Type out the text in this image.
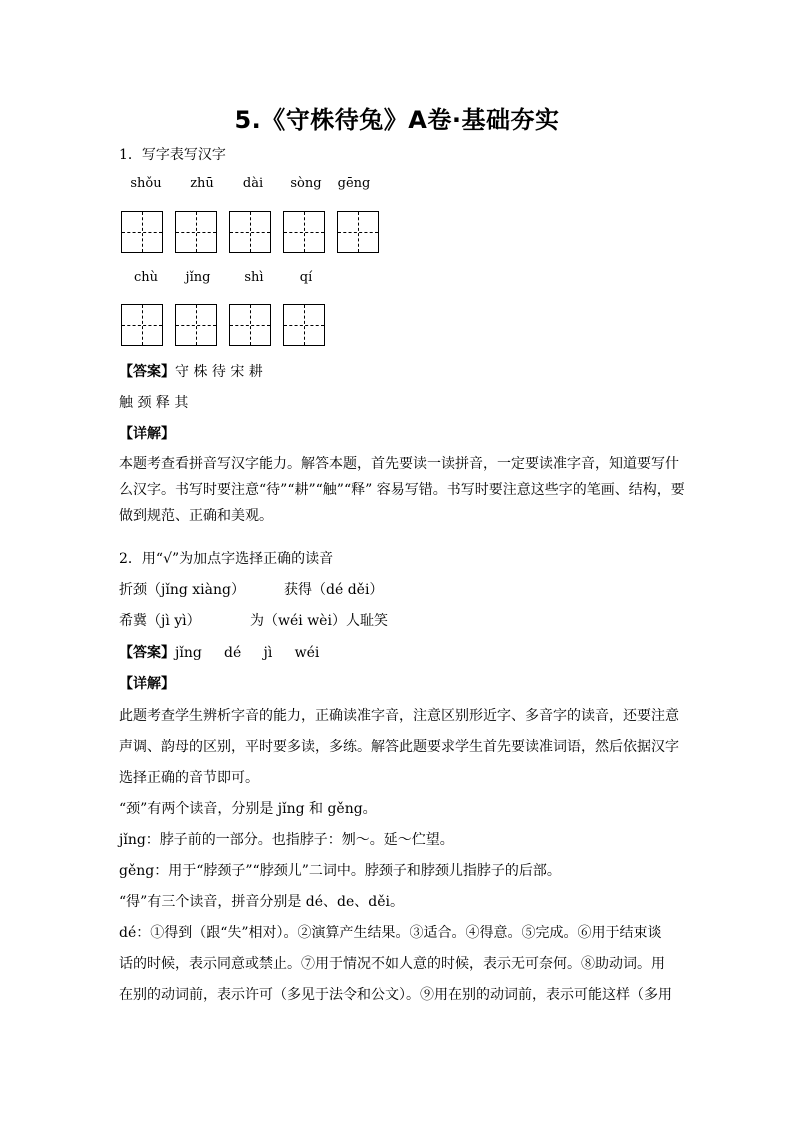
5.《守株待兔》A卷·基础夯实
1．写字表写汉字
shǒu	zhū	dài	sòng	gēng
chù	jǐng	shì	qí
【答案】守 株 待 宋 耕
触 颈 释 其
【详解】
本题考查看拼音写汉字能力。解答本题，首先要读一读拼音，一定要读准字音，知道要写什
么汉字。书写时要注意“待”“耕”“触”“释” 容易写错。书写时要注意这些字的笔画、结构，要
做到规范、正确和美观。
2．用“√”为加点字选择正确的读音
折颈（jǐng xiàng）	获得（dé děi）
希冀（jì yì）	为（wéi wèi）人耻笑
【答案】jǐng     dé     jì     wéi
【详解】
此题考查学生辨析字音的能力，正确读准字音，注意区别形近字、多音字的读音，还要注意
声调、韵母的区别，平时要多读，多练。解答此题要求学生首先要读准词语，然后依据汉字
选择正确的音节即可。
“颈”有两个读音，分别是 jǐng 和 gěng。
jǐng：脖子前的一部分。也指脖子：刎～。延～伫望。
gěng：用于“脖颈子”“脖颈儿”二词中。脖颈子和脖颈儿指脖子的后部。
“得”有三个读音，拼音分别是 dé、de、děi。
dé：①得到（跟“失”相对）。②演算产生结果。③适合。④得意。⑤完成。⑥用于结束谈
话的时候，表示同意或禁止。⑦用于情况不如人意的时候，表示无可奈何。⑧助动词。用
在别的动词前，表示许可（多见于法令和公文）。⑨用在别的动词前，表示可能这样（多用
